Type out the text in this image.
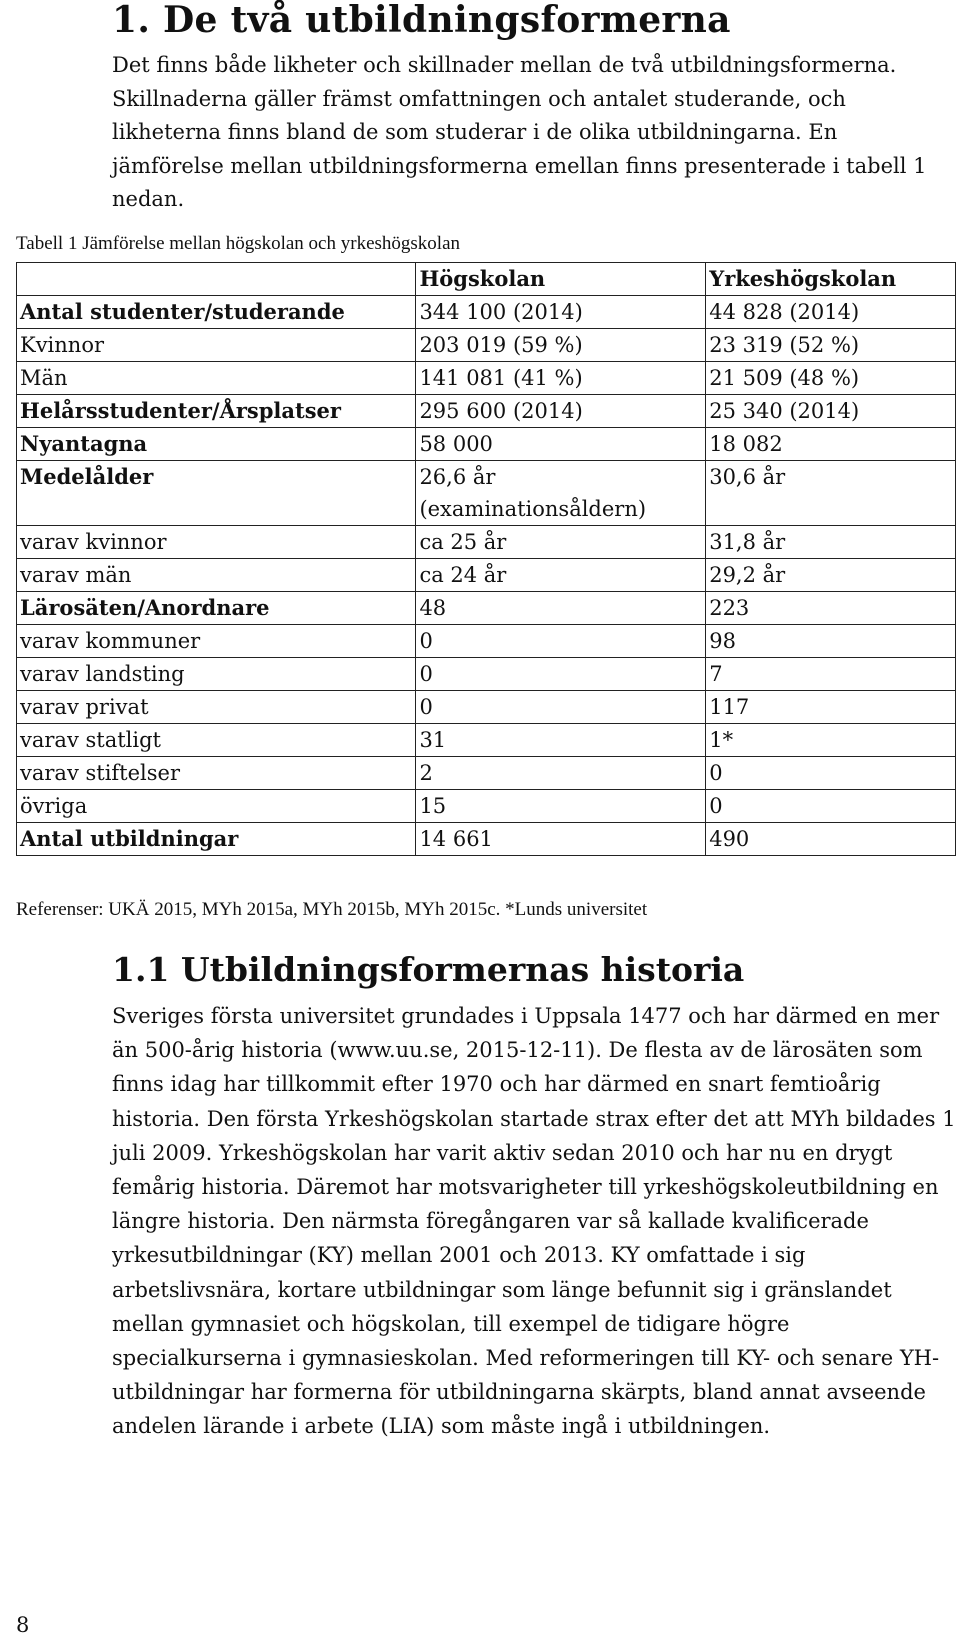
1. De två utbildningsformerna

Det finns både likheter och skillnader mellan de två utbildningsformerna. Skillnaderna gäller främst omfattningen och antalet studerande, och likheterna finns bland de som studerar i de olika utbildningarna. En jämförelse mellan utbildningsformerna emellan finns presenterade i tabell 1 nedan.

Tabell 1 Jämförelse mellan högskolan och yrkeshögskolan
	Högskolan	Yrkeshögskolan
Antal studenter/studerande	344 100 (2014)	44 828 (2014)
Kvinnor	203 019 (59 %)	23 319 (52 %)
Män	141 081 (41 %)	21 509 (48 %)
Helårsstudenter/Årsplatser	295 600 (2014)	25 340 (2014)
Nyantagna	58 000	18 082
Medelålder	26,6 år (examinationsåldern)	30,6 år
varav kvinnor	ca 25 år	31,8 år
varav män	ca 24 år	29,2 år
Lärosäten/Anordnare	48	223
varav kommuner	0	98
varav landsting	0	7
varav privat	0	117
varav statligt	31	1*
varav stiftelser	2	0
övriga	15	0
Antal utbildningar	14 661	490
Referenser: UKÄ 2015, MYh 2015a, MYh 2015b, MYh 2015c. *Lunds universitet
1.1 Utbildningsformernas historia

Sveriges första universitet grundades i Uppsala 1477 och har därmed en mer än 500-årig historia (www.uu.se, 2015-12-11). De flesta av de lärosäten som finns idag har tillkommit efter 1970 och har därmed en snart femtioårig historia. Den första Yrkeshögskolan startade strax efter det att MYh bildades 1 juli 2009. Yrkeshögskolan har varit aktiv sedan 2010 och har nu en drygt femårig historia. Däremot har motsvarigheter till yrkeshögskoleutbildning en längre historia. Den närmsta föregångaren var så kallade kvalificerade yrkesutbildningar (KY) mellan 2001 och 2013. KY omfattade i sig arbetslivsnära, kortare utbildningar som länge befunnit sig i gränslandet mellan gymnasiet och högskolan, till exempel de tidigare högre specialkurserna i gymnasieskolan. Med reformeringen till KY- och senare YH-utbildningar har formerna för utbildningarna skärpts, bland annat avseende andelen lärande i arbete (LIA) som måste ingå i utbildningen.

8
